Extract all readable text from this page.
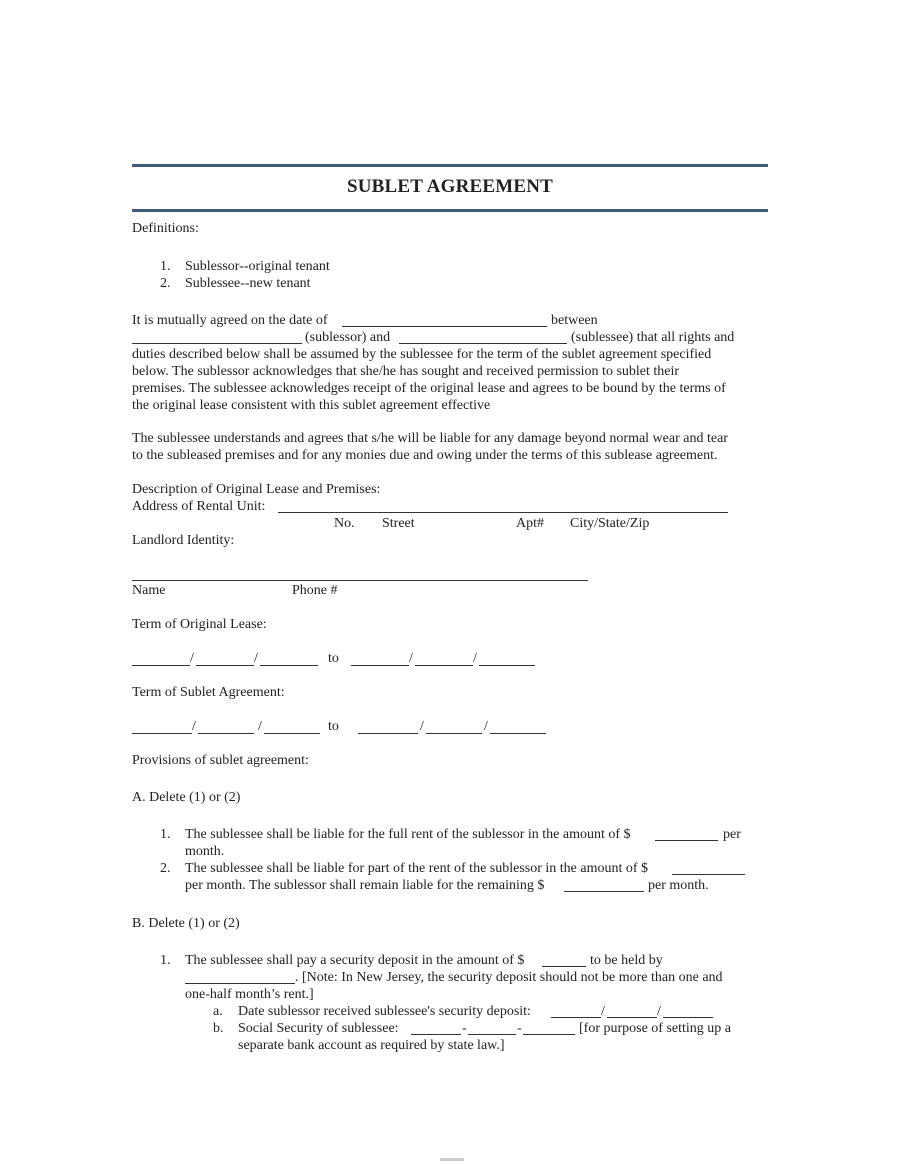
SUBLET AGREEMENT
Definitions:
1. Sublessor--original tenant
2. Sublessee--new tenant
It is mutually agreed on the date of	between
(sublessor) and	(sublessee) that all rights and
duties described below shall be assumed by the sublessee for the term of the sublet agreement specified
below. The sublessor acknowledges that she/he has sought and received permission to sublet their
premises. The sublessee acknowledges receipt of the original lease and agrees to be bound by the terms of
the original lease consistent with this sublet agreement effective
The sublessee understands and agrees that s/he will be liable for any damage beyond normal wear and tear
to the subleased premises and for any monies due and owing under the terms of this sublease agreement.
Description of Original Lease and Premises:
Address of Rental Unit:
No. Street	Apt# City/State/Zip
Landlord Identity:
Name	Phone #
Term of Original Lease:
/	/	to	/	/
Term of Sublet Agreement:
/	/	to	/	/
Provisions of sublet agreement:
A. Delete (1) or (2)
1. The sublessee shall be liable for the full rent of the sublessor in the amount of $	per
month.
2. The sublessee shall be liable for part of the rent of the sublessor in the amount of $
per month. The sublessor shall remain liable for the remaining $	per month.
B. Delete (1) or (2)
1. The sublessee shall pay a security deposit in the amount of $	to be held by
. [Note: In New Jersey, the security deposit should not be more than one and
one-half month’s rent.]
a. Date sublessor received sublessee's security deposit:	/	/
b. Social Security of sublessee:	-	-	[for purpose of setting up a
separate bank account as required by state law.]
